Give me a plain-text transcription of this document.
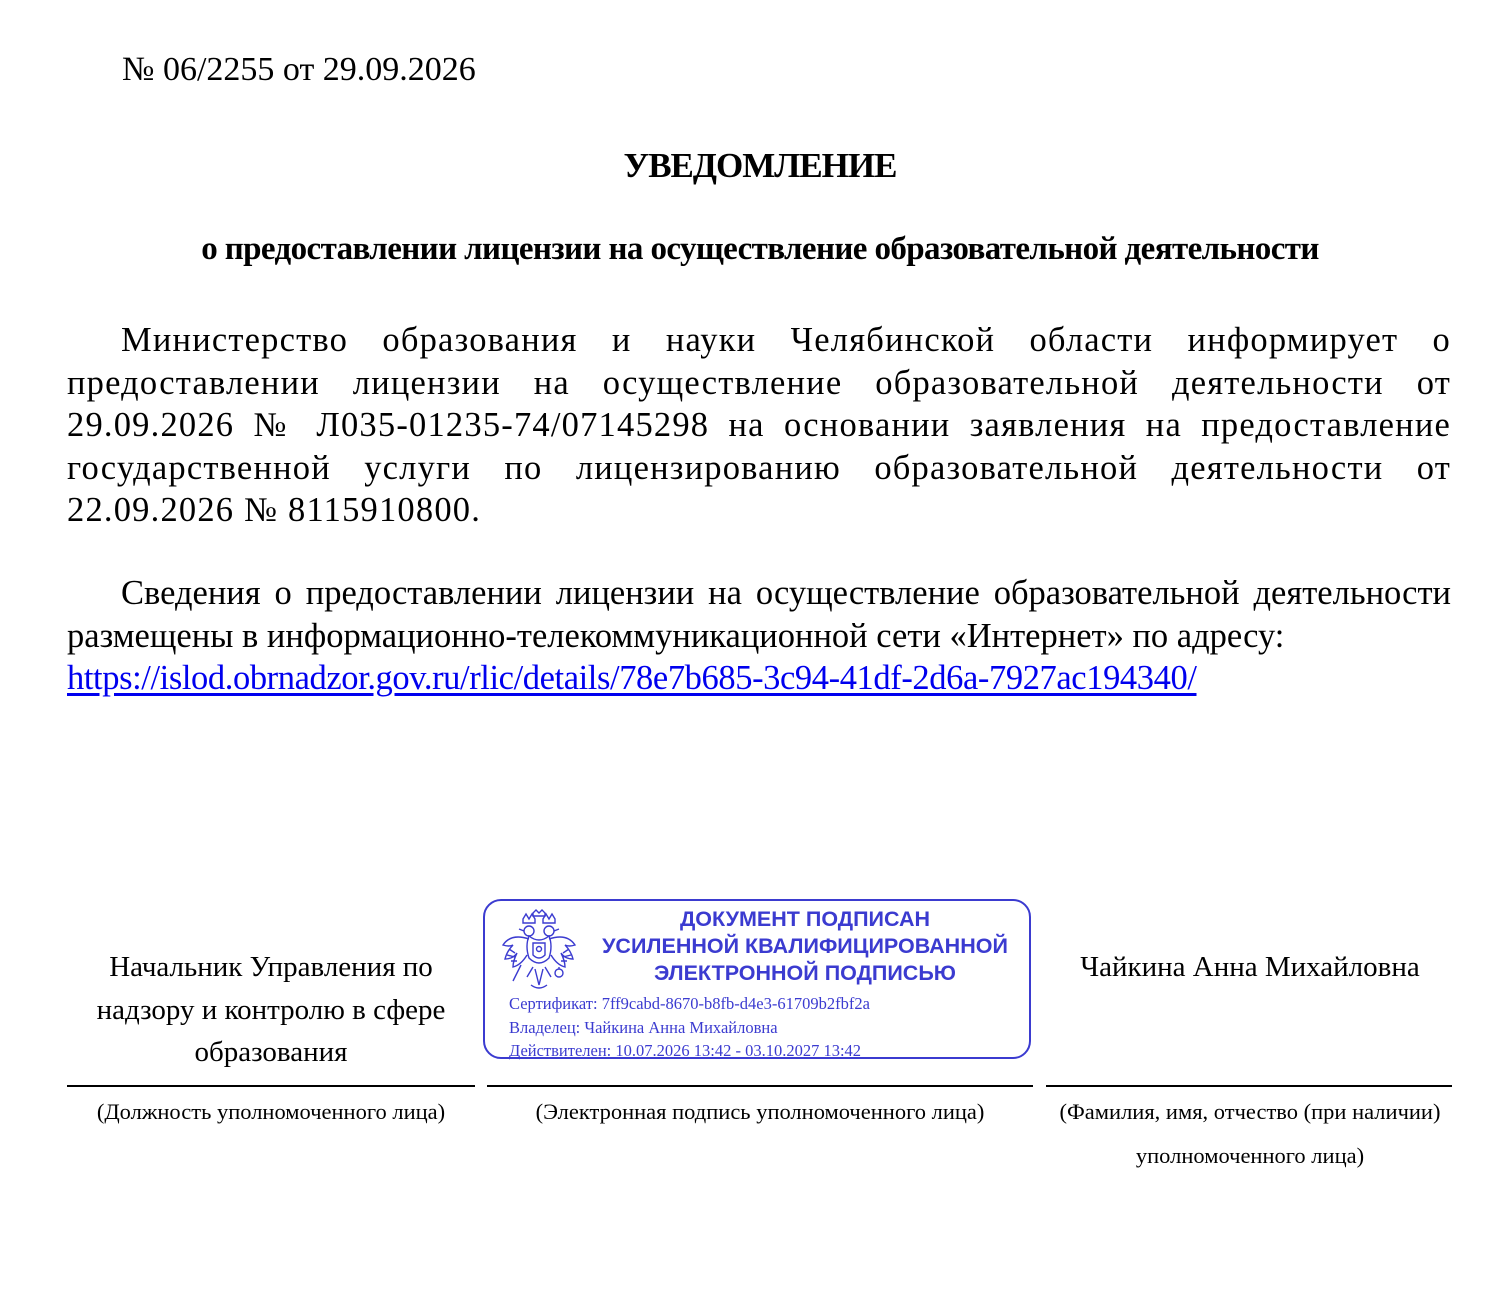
№ 06/2255 от 29.09.2026
УВЕДОМЛЕНИЕ
о предоставлении лицензии на осуществление образовательной деятельности
Министерство образования и науки Челябинской области информирует о предоставлении лицензии на осуществление образовательной деятельности от 29.09.2026 № Л035-01235-74/07145298 на основании заявления на предоставление государственной услуги по лицензированию образовательной деятельности от 22.09.2026 № 8115910800.
Сведения о предоставлении лицензии на осуществление образовательной деятельности размещены в информационно-телекоммуникационной сети «Интернет» по адресу:
https://islod.obrnadzor.gov.ru/rlic/details/78e7b685-3c94-41df-2d6a-7927ac194340/
Начальник Управления по
надзору и контролю в сфере
образования
ДОКУМЕНТ ПОДПИСАН
УСИЛЕННОЙ КВАЛИФИЦИРОВАННОЙ
ЭЛЕКТРОННОЙ ПОДПИСЬЮ
Сертификат: 7ff9cabd-8670-b8fb-d4e3-61709b2fbf2a
Владелец: Чайкина Анна Михайловна
Действителен: 10.07.2026 13:42 - 03.10.2027 13:42
Чайкина Анна Михайловна
(Должность уполномоченного лица)	(Электронная подпись уполномоченного лица)	(Фамилия, имя, отчество (при наличии)
уполномоченного лица)
